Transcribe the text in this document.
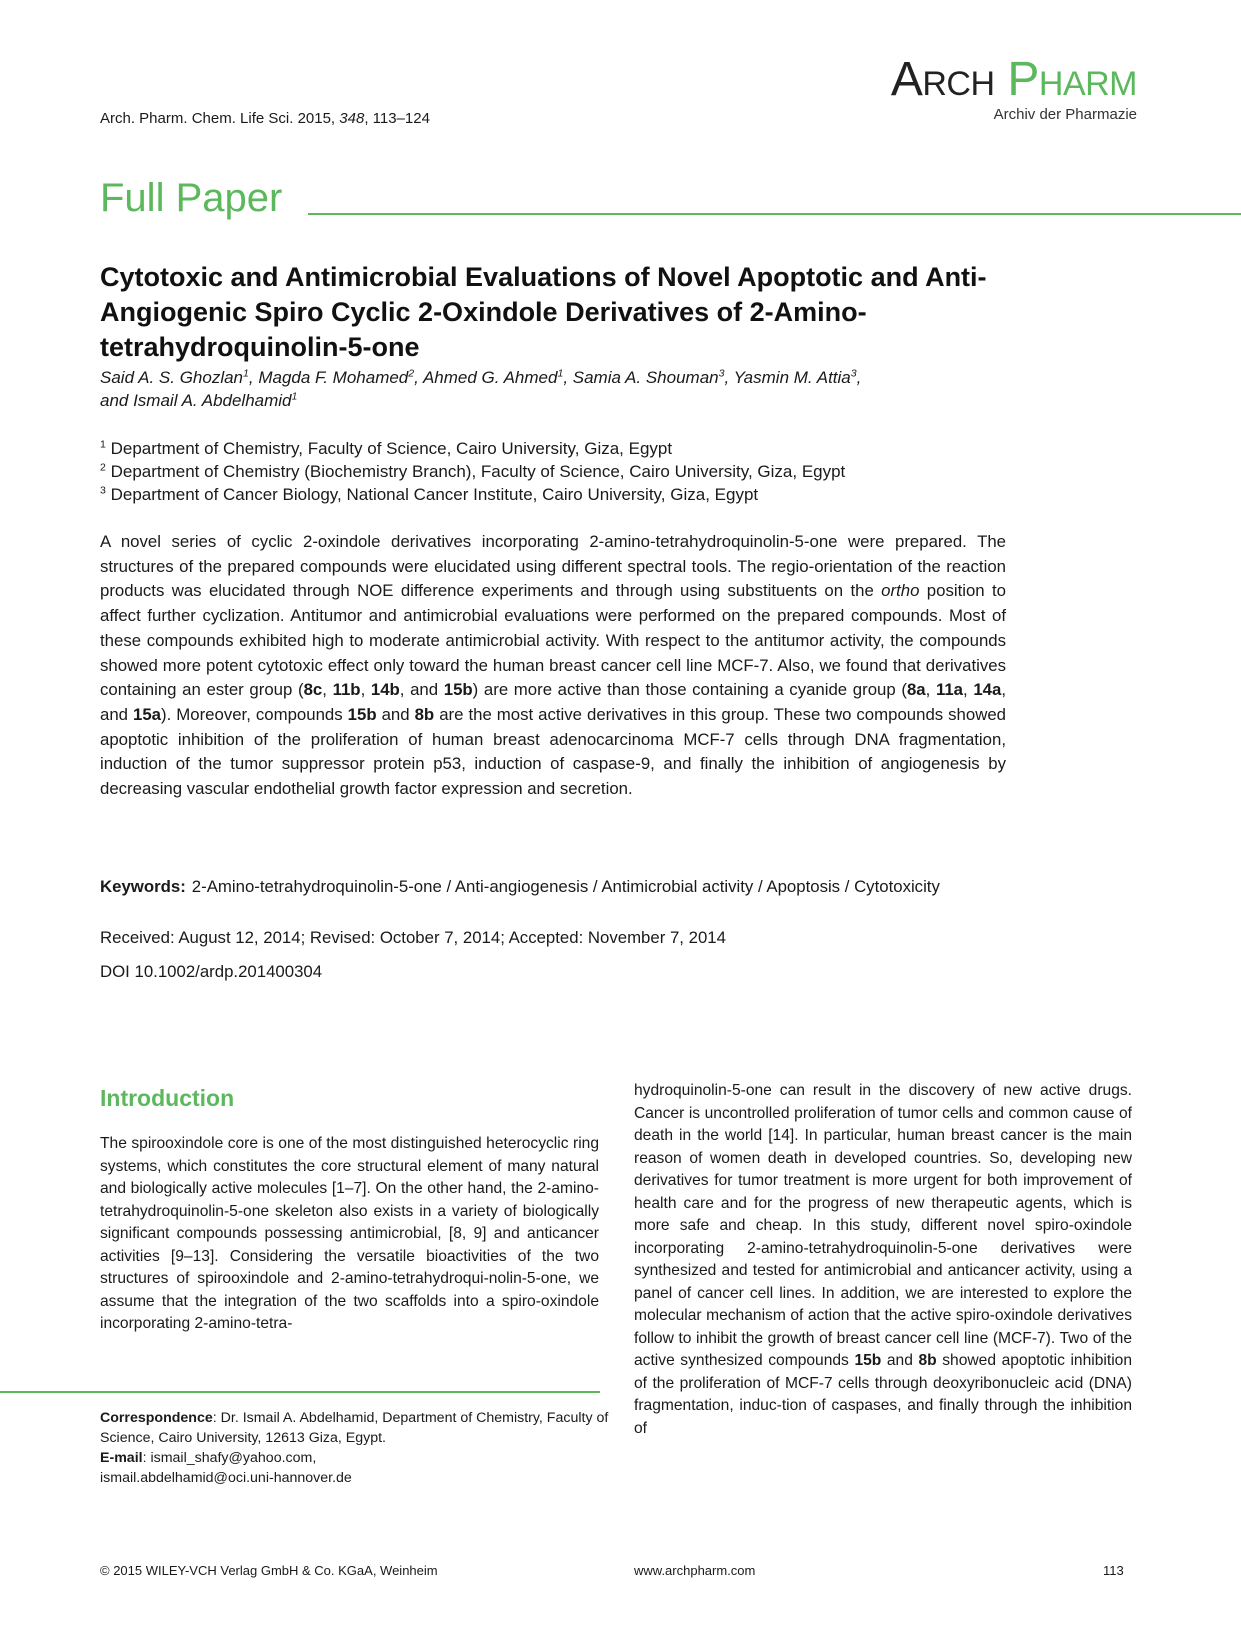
Arch. Pharm. Chem. Life Sci. 2015, 348, 113–124
Arch Pharm
Archiv der Pharmazie
Full Paper
Cytotoxic and Antimicrobial Evaluations of Novel Apoptotic and Anti-Angiogenic Spiro Cyclic 2-Oxindole Derivatives of 2-Amino-tetrahydroquinolin-5-one
Said A. S. Ghozlan$^1$, Magda F. Mohamed$^2$, Ahmed G. Ahmed$^1$, Samia A. Shouman$^3$, Yasmin M. Attia$^3$,
and Ismail A. Abdelhamid$^1$
$^1$ Department of Chemistry, Faculty of Science, Cairo University, Giza, Egypt
$^2$ Department of Chemistry (Biochemistry Branch), Faculty of Science, Cairo University, Giza, Egypt
$^3$ Department of Cancer Biology, National Cancer Institute, Cairo University, Giza, Egypt

A novel series of cyclic 2-oxindole derivatives incorporating 2-amino-tetrahydroquinolin-5-one were prepared. The structures of the prepared compounds were elucidated using different spectral tools. The regio-orientation of the reaction products was elucidated through NOE difference experiments and through using substituents on the ortho position to affect further cyclization. Antitumor and antimicrobial evaluations were performed on the prepared compounds. Most of these compounds exhibited high to moderate antimicrobial activity. With respect to the antitumor activity, the compounds showed more potent cytotoxic effect only toward the human breast cancer cell line MCF-7. Also, we found that derivatives containing an ester group (8c, 11b, 14b, and 15b) are more active than those containing a cyanide group (8a, 11a, 14a, and 15a). Moreover, compounds 15b and 8b are the most active derivatives in this group. These two compounds showed apoptotic inhibition of the proliferation of human breast adenocarcinoma MCF-7 cells through DNA fragmentation, induction of the tumor suppressor protein p53, induction of caspase-9, and finally the inhibition of angiogenesis by decreasing vascular endothelial growth factor expression and secretion.

Keywords: 2-Amino-tetrahydroquinolin-5-one / Anti-angiogenesis / Antimicrobial activity / Apoptosis / Cytotoxicity
Received: August 12, 2014; Revised: October 7, 2014; Accepted: November 7, 2014
DOI 10.1002/ardp.201400304
Introduction

The spirooxindole core is one of the most distinguished heterocyclic ring systems, which constitutes the core structural element of many natural and biologically active molecules [1–7]. On the other hand, the 2-amino-tetrahydroquinolin-5-one skeleton also exists in a variety of biologically significant compounds possessing antimicrobial, [8, 9] and anticancer activities [9–13]. Considering the versatile bioactivities of the two structures of spirooxindole and 2-amino-tetrahydroqui-nolin-5-one, we assume that the integration of the two scaffolds into a spiro-oxindole incorporating 2-amino-tetra-

hydroquinolin-5-one can result in the discovery of new active drugs. Cancer is uncontrolled proliferation of tumor cells and common cause of death in the world [14]. In particular, human breast cancer is the main reason of women death in developed countries. So, developing new derivatives for tumor treatment is more urgent for both improvement of health care and for the progress of new therapeutic agents, which is more safe and cheap. In this study, different novel spiro-oxindole incorporating 2-amino-tetrahydroquinolin-5-one derivatives were synthesized and tested for antimicrobial and anticancer activity, using a panel of cancer cell lines. In addition, we are interested to explore the molecular mechanism of action that the active spiro-oxindole derivatives follow to inhibit the growth of breast cancer cell line (MCF-7). Two of the active synthesized compounds 15b and 8b showed apoptotic inhibition of the proliferation of MCF-7 cells through deoxyribonucleic acid (DNA) fragmentation, induc-tion of caspases, and finally through the inhibition of

Correspondence: Dr. Ismail A. Abdelhamid, Department of Chemistry, Faculty of Science, Cairo University, 12613 Giza, Egypt.
E-mail: ismail_shafy@yahoo.com,
ismail.abdelhamid@oci.uni-hannover.de
© 2015 WILEY-VCH Verlag GmbH & Co. KGaA, Weinheim	www.archpharm.com	113
